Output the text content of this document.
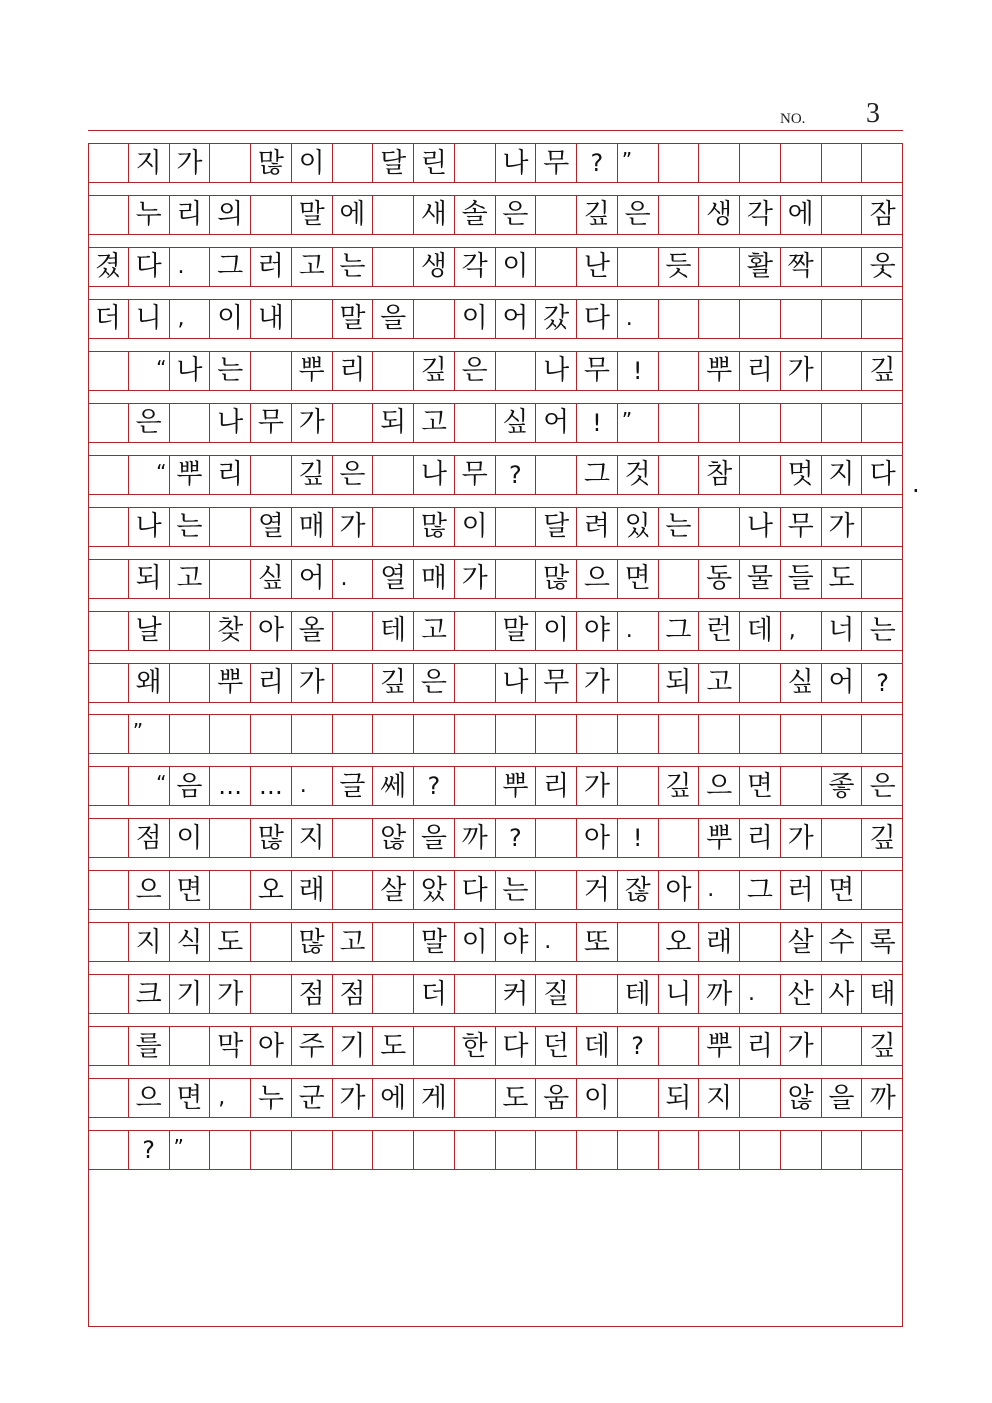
NO. 3
지 가 많 이 달 린 나 무 ? ”
누 리 의 말 에 새 솔 은 깊 은 생 각 에 잠
겼 다 .	그 러 고 는 생 각 이 난 듯 활 짝 웃
더 니 ,	이 내 말 을 이 어 갔 다 .
“ 나 는 뿌 리 깊 은 나 무 !	뿌 리 가 깊
은 나 무 가 되 고 싶 어 !	”
“ 뿌 리 깊 은 나 무 ?	그 것 참 멋 지 다
나 는 열 매 가 많 이 달 려 있 는 나 무 가
되 고 싶 어 .	열 매 가 많 으 면 동 물 들 도
날 찾 아 올 테 고 말 이 야 .	그 런 데 ,	너 는
왜 뿌 리 가 깊 은 나 무 가 되 고 싶 어 ?
”
“ 음 … … .	글 쎄 ?	뿌 리 가 깊 으 면 좋 은
점 이 많 지 않 을 까 ?	아 !	뿌 리 가 깊
으 면 오 래 살 았 다 는 거 잖 아 .	그 러 면
지 식 도 많 고 말 이 야 .	또 오 래 살 수 록
크 기 가 점 점 더 커 질 테 니 까 .	산 사 태
를 막 아 주 기 도 한 다 던 데 ?	뿌 리 가 깊
으 면 ,	누 군 가 에 게 도 움 이 되 지 않 을 까
? ”
.
